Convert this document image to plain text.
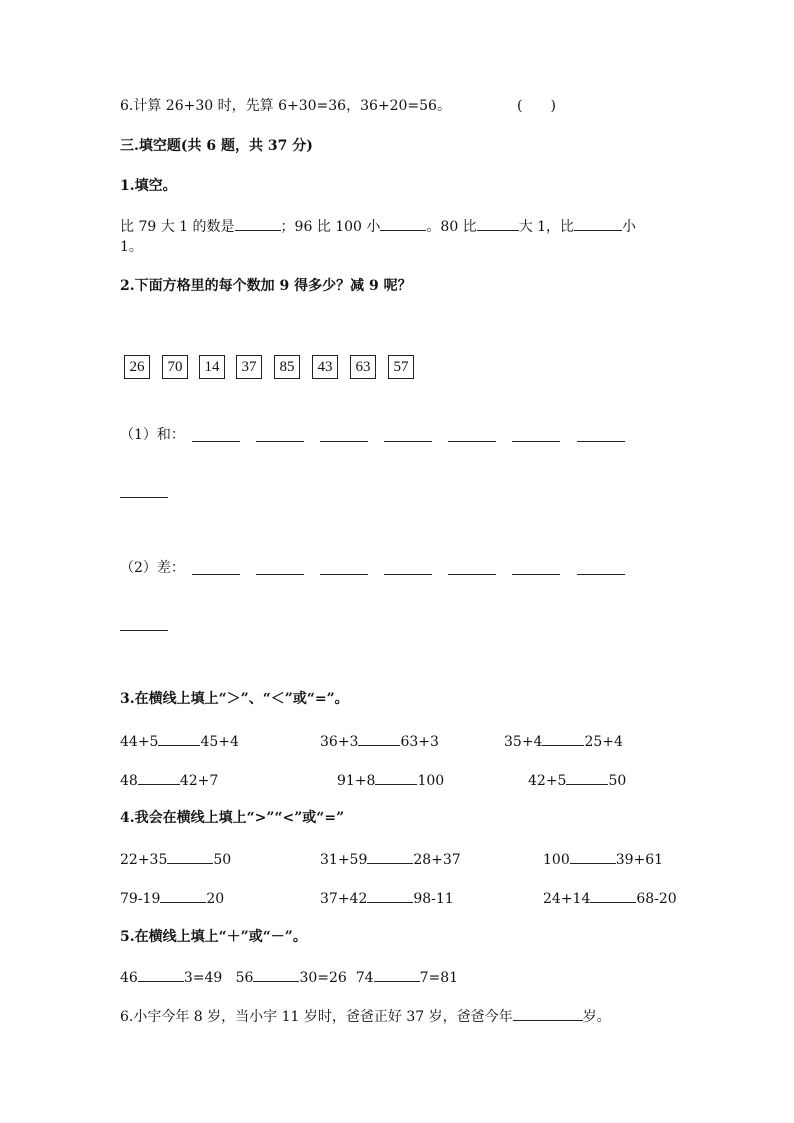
6.计算 26+30 时，先算 6+30=36，36+20=56。	(　　)
三.填空题(共 6 题，共 37 分)
1.填空。
比 79 大 1 的数是	；96 比 100 小	。80 比	大 1，比	小
1。
2.下面方格里的每个数加 9 得多少？减 9 呢？
26	70	14	37	85	43	63	57
（1）和：
（2）差：
3.在横线上填上“＞”、“＜”或“=”。
44+5	45+4	36+3	63+3	35+4	25+4
48	42+7	91+8	100	42+5	50
4.我会在横线上填上“>”“<”或“=”
22+35	50	31+59	28+37	100	39+61
79-19	20	37+42	98-11	24+14	68-20
5.在横线上填上“＋”或“－”。
46	3=49 56	30=26 74	7=81
6.小宇今年 8 岁，当小宇 11 岁时，爸爸正好 37 岁，爸爸今年	岁。
